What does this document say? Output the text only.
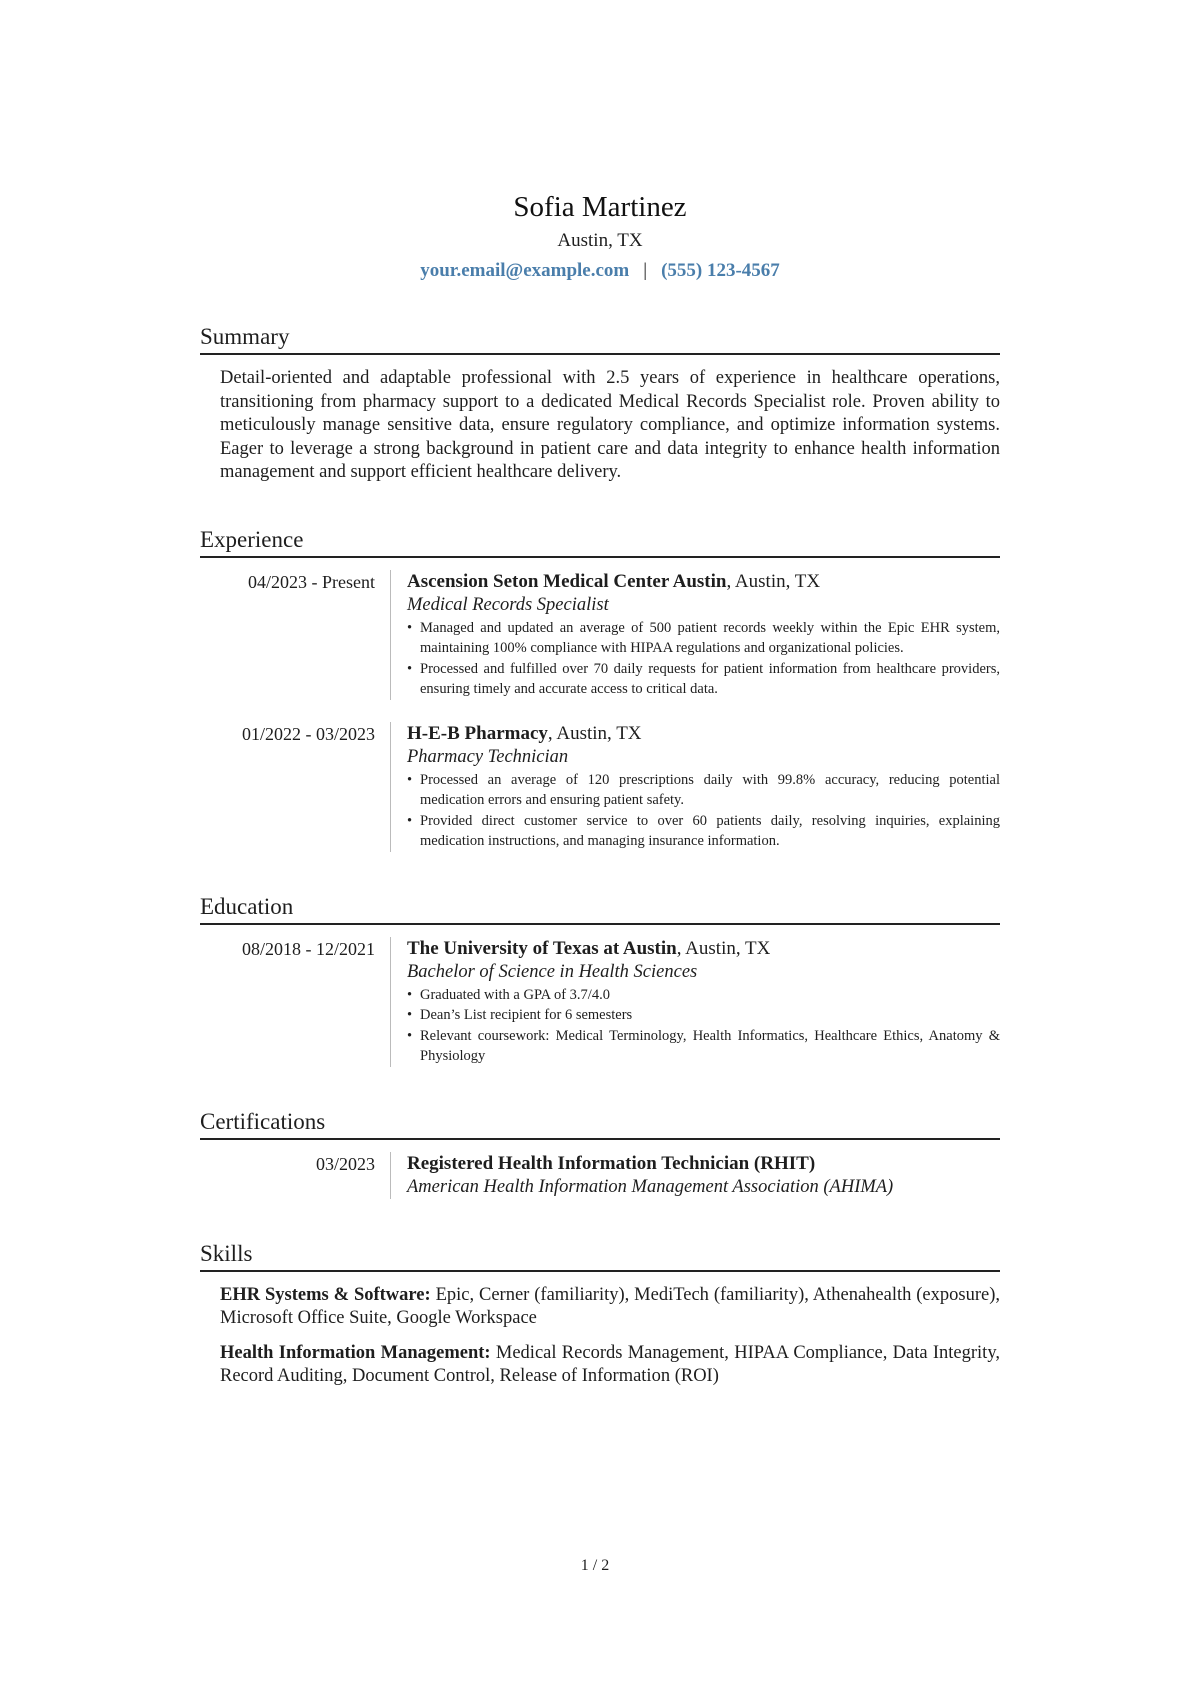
Sofia Martinez
Austin, TX
your.email@example.com | (555) 123-4567
Summary
Detail-oriented and adaptable professional with 2.5 years of experience in healthcare operations, transitioning from pharmacy support to a dedicated Medical Records Specialist role. Proven ability to meticulously manage sensitive data, ensure regulatory compliance, and optimize information systems. Eager to leverage a strong background in patient care and data integrity to enhance health information management and support efficient healthcare delivery.
Experience
04/2023 - Present	Ascension Seton Medical Center Austin, Austin, TX
Medical Records Specialist
• Managed and updated an average of 500 patient records weekly within the Epic EHR system, maintaining 100% compliance with HIPAA regulations and organizational policies.
• Processed and fulfilled over 70 daily requests for patient information from healthcare providers, ensuring timely and accurate access to critical data.
01/2022 - 03/2023	H-E-B Pharmacy, Austin, TX
Pharmacy Technician
• Processed an average of 120 prescriptions daily with 99.8% accuracy, reducing potential medication errors and ensuring patient safety.
• Provided direct customer service to over 60 patients daily, resolving inquiries, explaining medication instructions, and managing insurance information.
Education
08/2018 - 12/2021	The University of Texas at Austin, Austin, TX
Bachelor of Science in Health Sciences
• Graduated with a GPA of 3.7/4.0
• Dean’s List recipient for 6 semesters
• Relevant coursework: Medical Terminology, Health Informatics, Healthcare Ethics, Anatomy & Physiology
Certifications
03/2023	Registered Health Information Technician (RHIT)
American Health Information Management Association (AHIMA)
Skills
EHR Systems & Software: Epic, Cerner (familiarity), MediTech (familiarity), Athenahealth (exposure), Microsoft Office Suite, Google Workspace
Health Information Management: Medical Records Management, HIPAA Compliance, Data Integrity, Record Auditing, Document Control, Release of Information (ROI)
1 / 2
